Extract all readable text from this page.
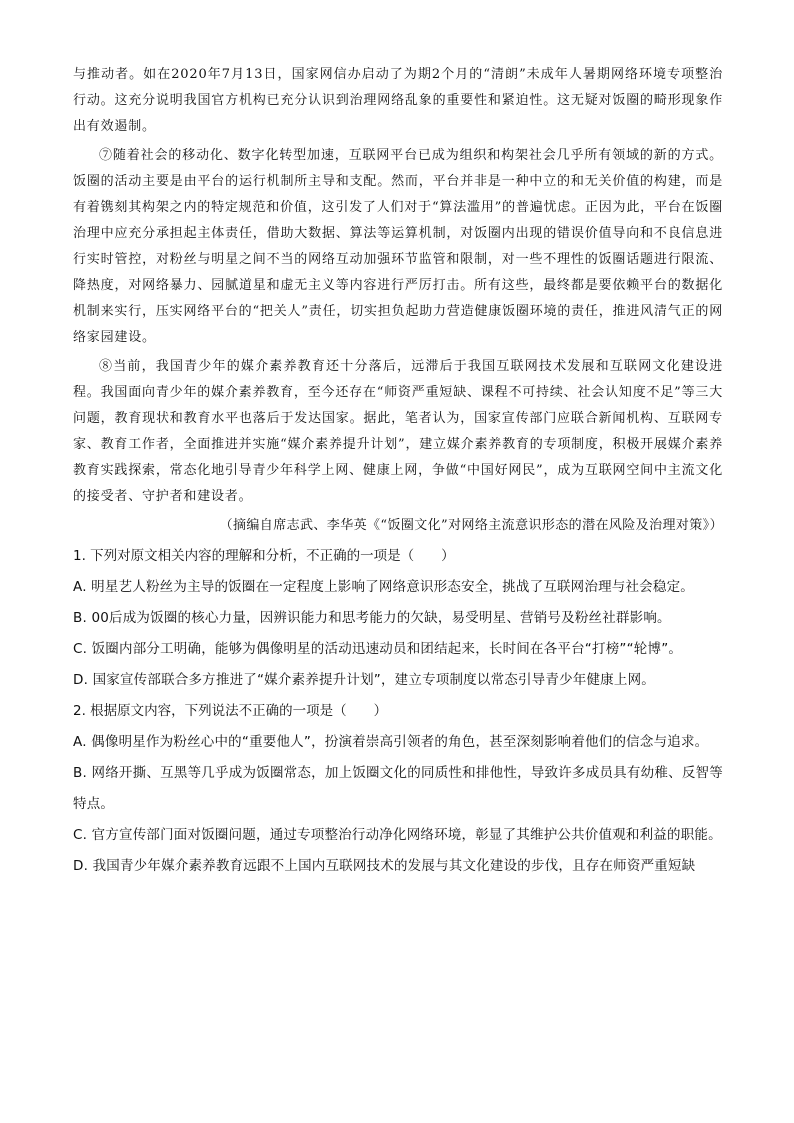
与推动者。如在2020年7月13日，国家网信办启动了为期2个月的“清朗”未成年人暑期网络环境专项整治行动。这充分说明我国官方机构已充分认识到治理网络乱象的重要性和紧迫性。这无疑对饭圈的畸形现象作出有效遏制。

⑦随着社会的移动化、数字化转型加速，互联网平台已成为组织和构架社会几乎所有领域的新的方式。饭圈的活动主要是由平台的运行机制所主导和支配。然而，平台并非是一种中立的和无关价值的构建，而是有着镌刻其构架之内的特定规范和价值，这引发了人们对于“算法滥用”的普遍忧虑。正因为此，平台在饭圈治理中应充分承担起主体责任，借助大数据、算法等运算机制，对饭圈内出现的错误价值导向和不良信息进行实时管控，对粉丝与明星之间不当的网络互动加强环节监管和限制，对一些不理性的饭圈话题进行限流、降热度，对网络暴力、园腻道星和虚无主义等内容进行严厉打击。所有这些，最终都是要依赖平台的数据化机制来实行，压实网络平台的“把关人”责任，切实担负起助力营造健康饭圈环境的责任，推进风清气正的网络家园建设。

⑧当前，我国青少年的媒介素养教育还十分落后，远滞后于我国互联网技术发展和互联网文化建设进程。我国面向青少年的媒介素养教育，至今还存在“师资严重短缺、课程不可持续、社会认知度不足”等三大问题，教育现状和教育水平也落后于发达国家。据此，笔者认为，国家宣传部门应联合新闻机构、互联网专家、教育工作者，全面推进并实施“媒介素养提升计划”，建立媒介素养教育的专项制度，积极开展媒介素养教育实践探索，常态化地引导青少年科学上网、健康上网，争做“中国好网民”，成为互联网空间中主流文化的接受者、守护者和建设者。

（摘编自席志武、李华英《“饭圈文化”对网络主流意识形态的潜在风险及治理对策》）

1. 下列对原文相关内容的理解和分析，不正确的一项是（　　）

A. 明星艺人粉丝为主导的饭圈在一定程度上影响了网络意识形态安全，挑战了互联网治理与社会稳定。

B. 00后成为饭圈的核心力量，因辨识能力和思考能力的欠缺，易受明星、营销号及粉丝社群影响。

C. 饭圈内部分工明确，能够为偶像明星的活动迅速动员和团结起来，长时间在各平台“打榜”“轮博”。

D. 国家宣传部联合多方推进了“媒介素养提升计划”，建立专项制度以常态引导青少年健康上网。

2. 根据原文内容，下列说法不正确的一项是（　　）

A. 偶像明星作为粉丝心中的“重要他人”，扮演着崇高引领者的角色，甚至深刻影响着他们的信念与追求。

B. 网络开撕、互黑等几乎成为饭圈常态，加上饭圈文化的同质性和排他性，导致许多成员具有幼稚、反智等特点。

C. 官方宣传部门面对饭圈问题，通过专项整治行动净化网络环境，彰显了其维护公共价值观和利益的职能。

D. 我国青少年媒介素养教育远跟不上国内互联网技术的发展与其文化建设的步伐，且存在师资严重短缺
